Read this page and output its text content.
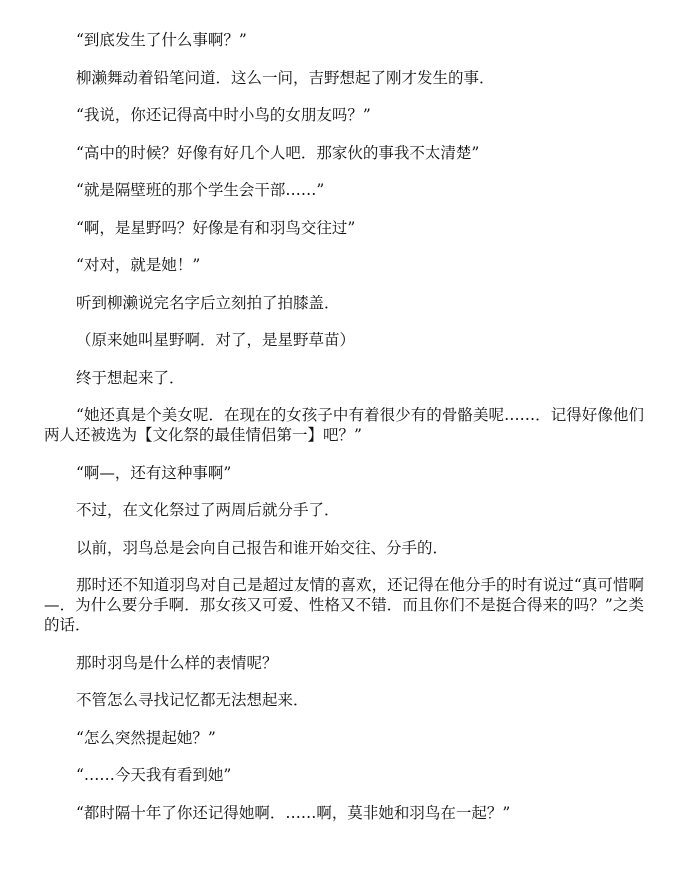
“到底发生了什么事啊？”

柳濑舞动着铅笔问道．这么一问，吉野想起了刚才发生的事．

“我说，你还记得高中时小鸟的女朋友吗？”

“高中的时候？好像有好几个人吧．那家伙的事我不太清楚”

“就是隔壁班的那个学生会干部……”

“啊，是星野吗？好像是有和羽鸟交往过”

“对对，就是她！”

听到柳濑说完名字后立刻拍了拍膝盖．

（原来她叫星野啊．对了，是星野草苗）

终于想起来了．

“她还真是个美女呢．在现在的女孩子中有着很少有的骨骼美呢……．记得好像他们两人还被选为【文化祭的最佳情侣第一】吧？”

“啊—，还有这种事啊”

不过，在文化祭过了两周后就分手了．

以前，羽鸟总是会向自己报告和谁开始交往、分手的．

那时还不知道羽鸟对自己是超过友情的喜欢，还记得在他分手的时有说过“真可惜啊—．为什么要分手啊．那女孩又可爱、性格又不错．而且你们不是挺合得来的吗？”之类的话．

那时羽鸟是什么样的表情呢？

不管怎么寻找记忆都无法想起来．

“怎么突然提起她？”

“……今天我有看到她”

“都时隔十年了你还记得她啊．……啊，莫非她和羽鸟在一起？”
